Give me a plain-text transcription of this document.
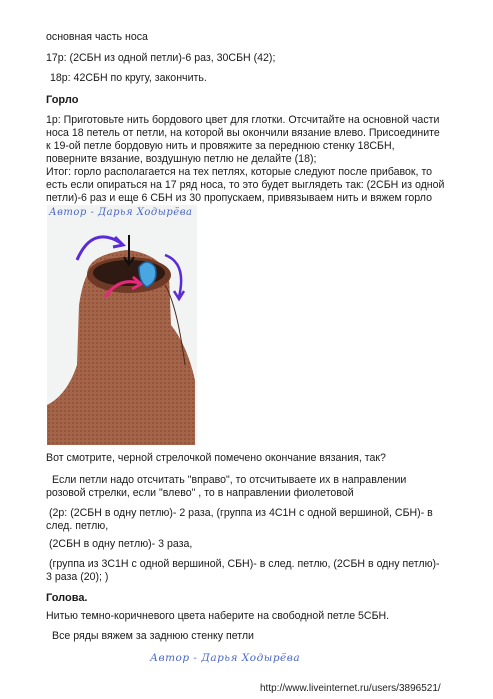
основная часть носа

17р: (2СБН из одной петли)-6 раз, 30СБН (42);

18р: 42СБН по кругу, закончить.

Горло

1р: Приготовьте нить бордового цвет для глотки. Отсчитайте на основной части

носа 18 петель от петли, на которой вы окончили вязание влево. Присоедините

к 19-ой петле бордовую нить и провяжите за переднюю стенку 18СБН,

поверните вязание, воздушную петлю не делайте (18);

Итог: горло располагается на тех петлях, которые следуют после прибавок, то

есть если опираться на 17 ряд носа, то это будет выглядеть так: (2СБН из одной

петли)-6 раз и еще 6 СБН из 30 пропускаем, привязываем нить и вяжем горло

Автор - Дарья Ходырёва

Вот смотрите, черной стрелочкой помечено окончание вязания, так?

Если петли надо отсчитать "вправо", то отсчитываете их в направлении

розовой стрелки, если "влево" , то в направлении фиолетовой

(2р: (2СБН в одну петлю)- 2 раза, (группа из 4С1Н с одной вершиной, СБН)- в

след. петлю,

(2СБН в одну петлю)- 3 раза,

(группа из 3С1Н с одной вершиной, СБН)- в след. петлю, (2СБН в одну петлю)-

3 раза (20); )

Голова.

Нитью темно-коричневого цвета наберите на свободной петле 5СБН.

Все ряды вяжем за заднюю стенку петли

Автор - Дарья Ходырёва
http://www.liveinternet.ru/users/3896521/
